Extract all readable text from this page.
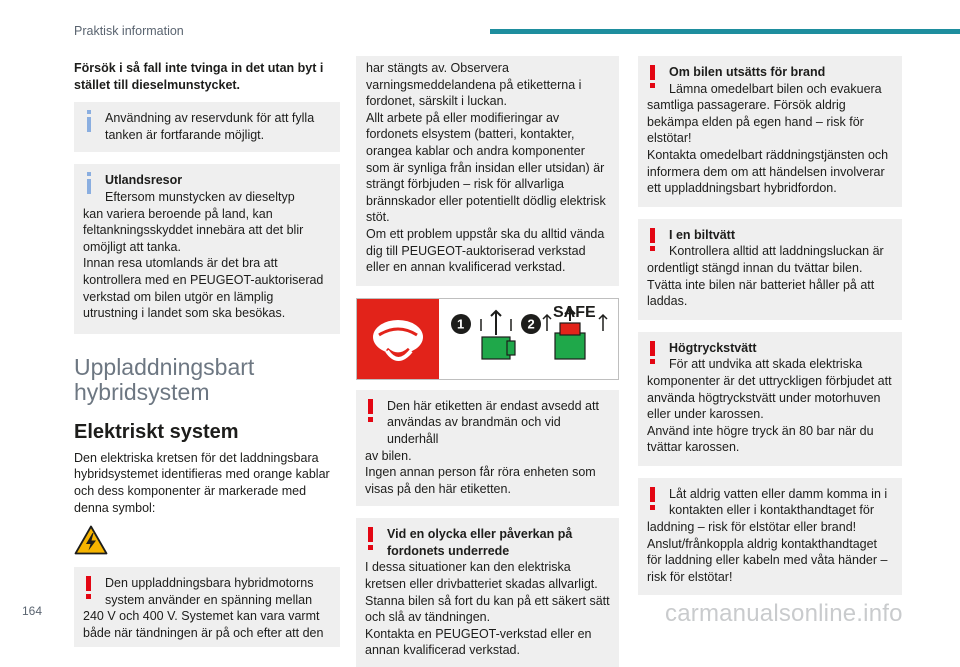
Praktisk information
Försök i så fall inte tvinga in det utan byt i stället till dieselmunstycket.
Användning av reservdunk för att fylla tanken är fortfarande möjligt.
Utlandsresor
Eftersom munstycken av dieseltyp
kan variera beroende på land, kan feltankningsskyddet innebära att det blir omöjligt att tanka.
Innan resa utomlands är det bra att kontrollera med en PEUGEOT-auktoriserad verkstad om bilen utgör en lämplig utrustning i landet som ska besökas.
Uppladdningsbart hybridsystem
Elektriskt system
Den elektriska kretsen för det laddningsbara hybridsystemet identifieras med orange kablar och dess komponenter är markerade med denna symbol:
Den uppladdningsbara hybridmotorns system använder en spänning mellan
240 V och 400 V. Systemet kan vara varmt både när tändningen är på och efter att den
har stängts av. Observera varningsmeddelandena på etiketterna i fordonet, särskilt i luckan.
Allt arbete på eller modifieringar av fordonets elsystem (batteri, kontakter, orangea kablar och andra komponenter som är synliga från insidan eller utsidan) är strängt förbjuden – risk för allvarliga brännskador eller potentiellt dödlig elektrisk stöt.
Om ett problem uppstår ska du alltid vända dig till PEUGEOT-auktoriserad verkstad eller en annan kvalificerad verkstad.
1	2
SAFE
Den här etiketten är endast avsedd att användas av brandmän och vid underhåll
av bilen.
Ingen annan person får röra enheten som visas på den här etiketten.
Vid en olycka eller påverkan på fordonets underrede
I dessa situationer kan den elektriska kretsen eller drivbatteriet skadas allvarligt.
Stanna bilen så fort du kan på ett säkert sätt och slå av tändningen.
Kontakta en PEUGEOT-verkstad eller en annan kvalificerad verkstad.
Om bilen utsätts för brand
Lämna omedelbart bilen och evakuera
samtliga passagerare. Försök aldrig bekämpa elden på egen hand – risk för elstötar!
Kontakta omedelbart räddningstjänsten och informera dem om att händelsen involverar ett uppladdningsbart hybridfordon.
I en biltvätt
Kontrollera alltid att laddningsluckan är
ordentligt stängd innan du tvättar bilen.
Tvätta inte bilen när batteriet håller på att laddas.
Högtryckstvätt
För att undvika att skada elektriska
komponenter är det uttryckligen förbjudet att använda högtryckstvätt under motorhuven eller under karossen.
Använd inte högre tryck än 80 bar när du tvättar karossen.
Låt aldrig vatten eller damm komma in i kontakten eller i kontakthandtaget för
laddning – risk för elstötar eller brand!
Anslut/frånkoppla aldrig kontakthandtaget för laddning eller kabeln med våta händer – risk för elstötar!
164	carmanualsonline.info
